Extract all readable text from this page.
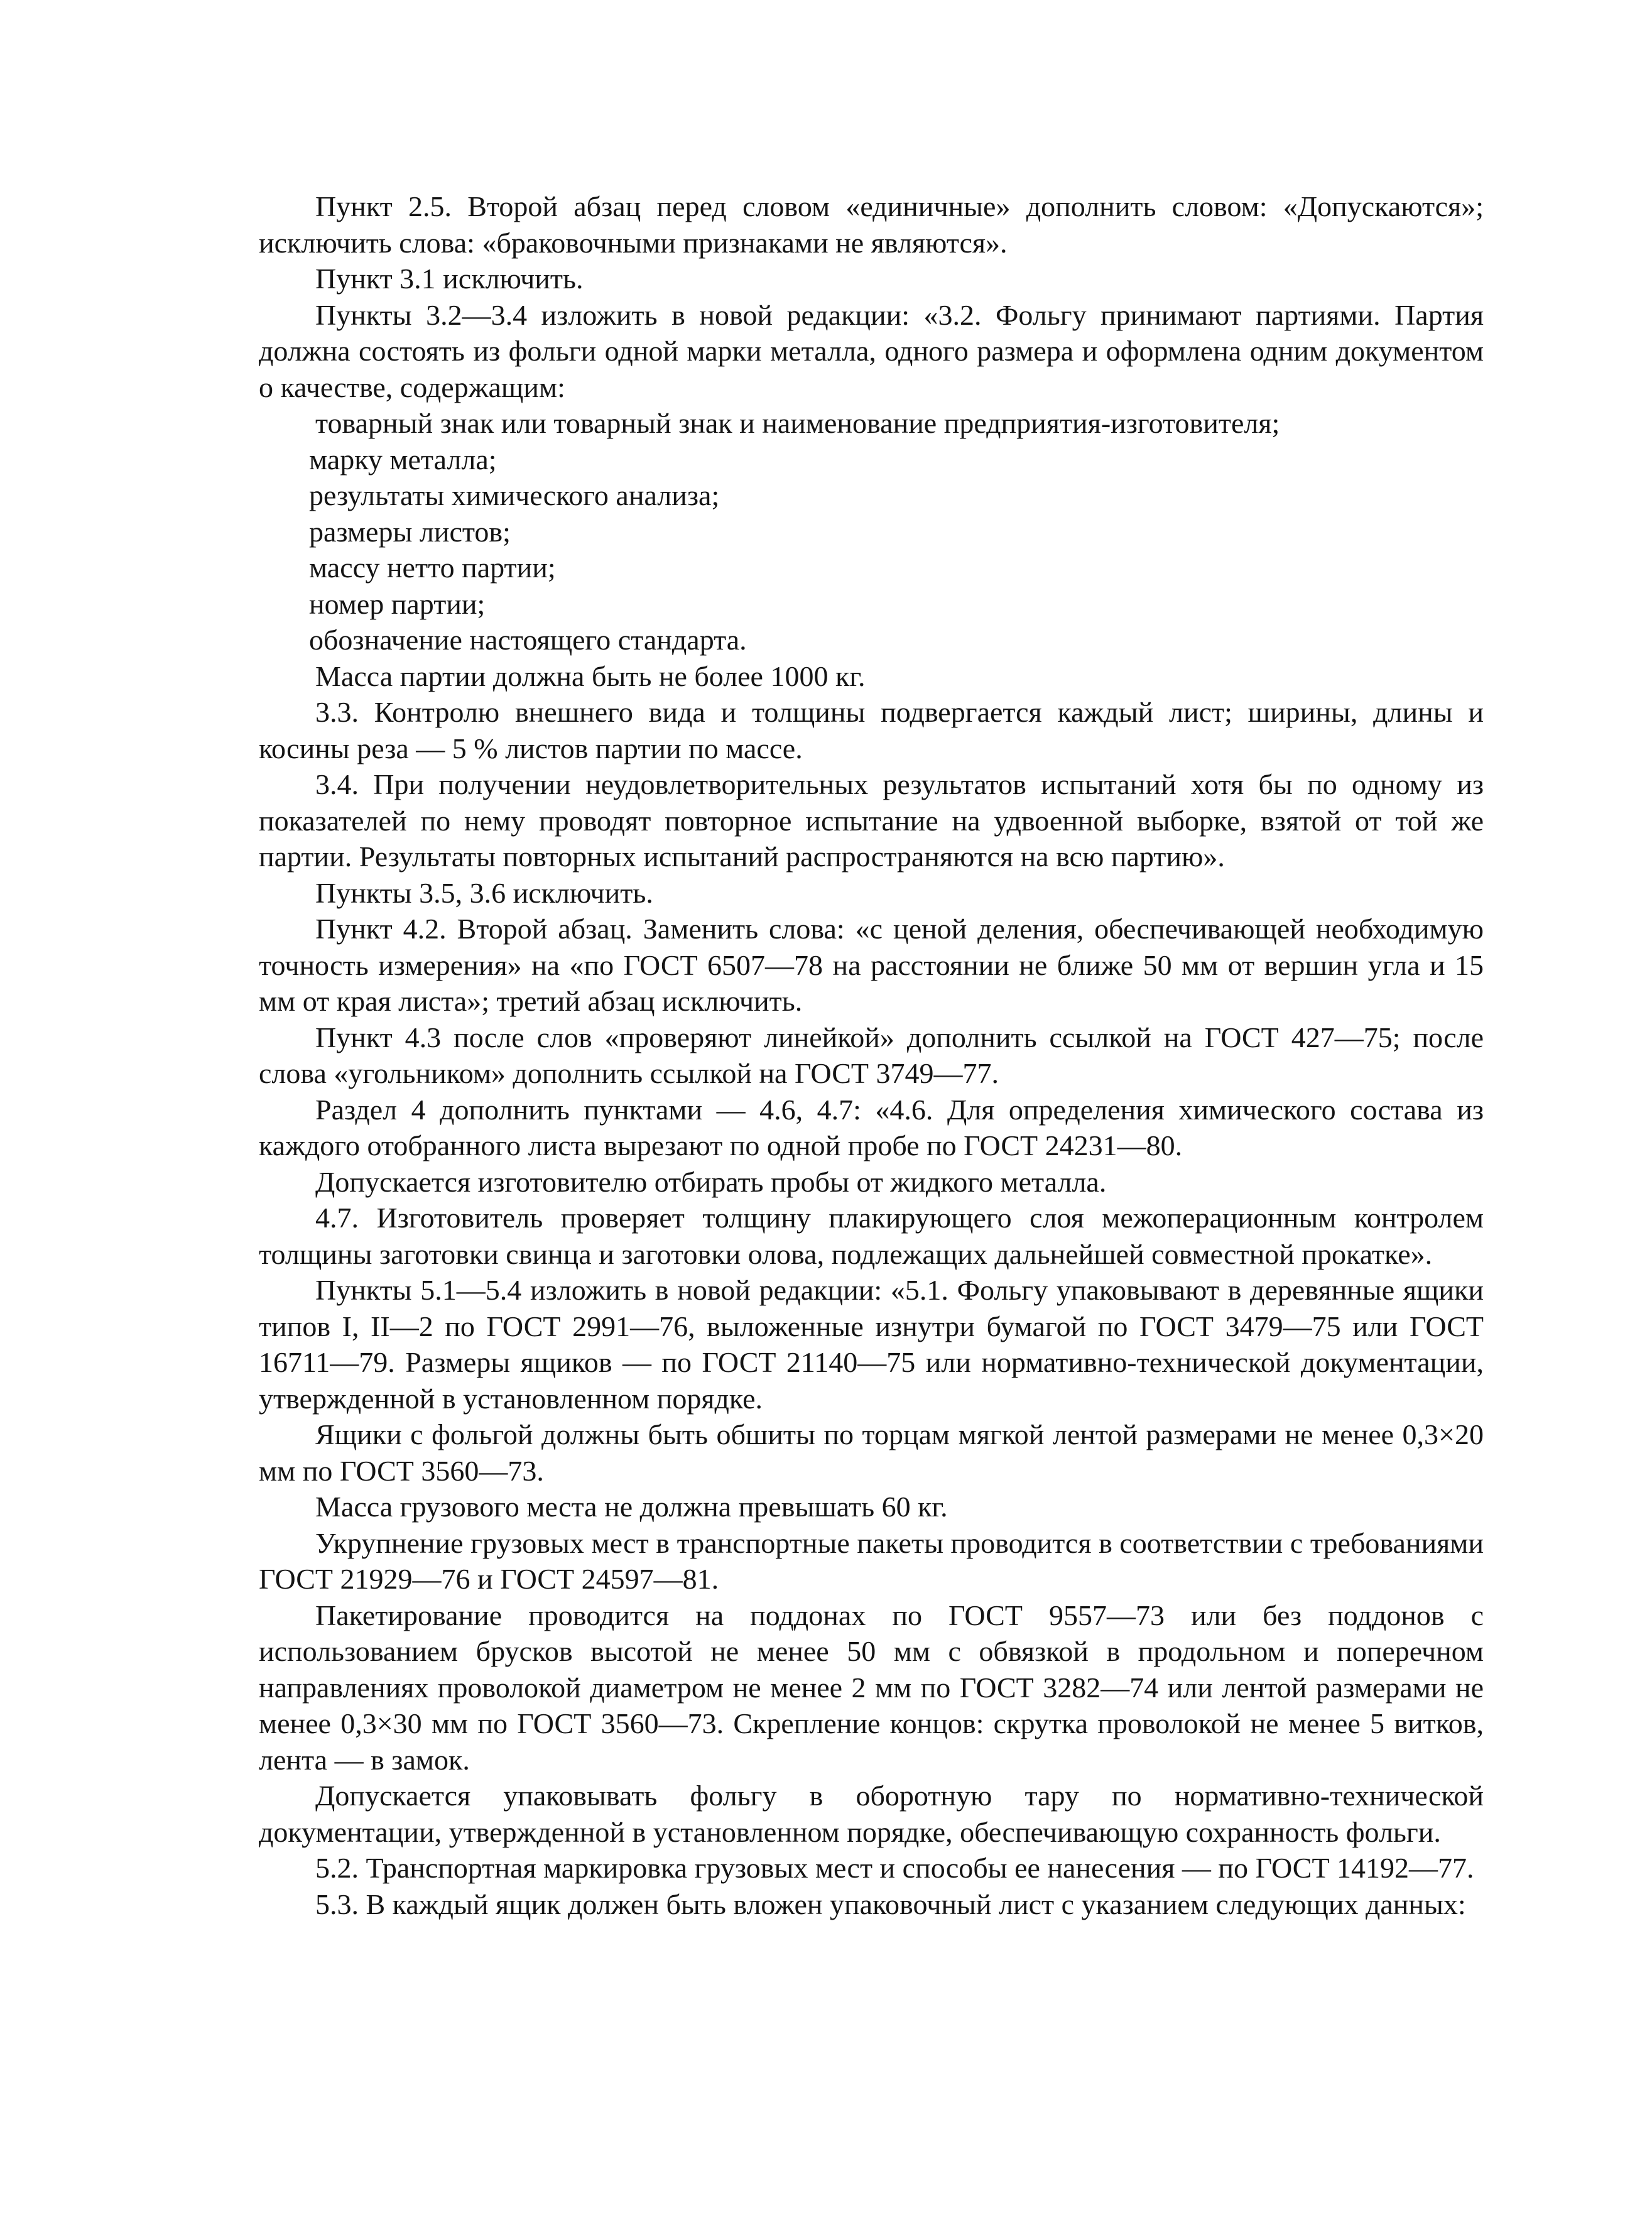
Пункт 2.5. Второй абзац перед словом «единичные» дополнить словом: «Допускаются»; исключить слова: «браковочными признаками не являются».

Пункт 3.1 исключить.

Пункты 3.2—3.4 изложить в новой редакции: «3.2. Фольгу принимают партиями. Партия должна состоять из фольги одной марки металла, одного размера и оформлена одним документом о качестве, содержащим:

товарный знак или товарный знак и наименование предприятия-изготовителя;

марку металла;

результаты химического анализа;

размеры листов;

массу нетто партии;

номер партии;

обозначение настоящего стандарта.

Масса партии должна быть не более 1000 кг.

3.3. Контролю внешнего вида и толщины подвергается каждый лист; ширины, длины и косины реза — 5 % листов партии по массе.

3.4. При получении неудовлетворительных результатов испытаний хотя бы по одному из показателей по нему проводят повторное испытание на удвоенной выборке, взятой от той же партии. Результаты повторных испытаний распространяются на всю партию».

Пункты 3.5, 3.6 исключить.

Пункт 4.2. Второй абзац. Заменить слова: «с ценой деления, обеспечивающей необходимую точность измерения» на «по ГОСТ 6507—78 на расстоянии не ближе 50 мм от вершин угла и 15 мм от края листа»; третий абзац исключить.

Пункт 4.3 после слов «проверяют линейкой» дополнить ссылкой на ГОСТ 427—75; после слова «угольником» дополнить ссылкой на ГОСТ 3749—77.

Раздел 4 дополнить пунктами — 4.6, 4.7: «4.6. Для определения химического состава из каждого отобранного листа вырезают по одной пробе по ГОСТ 24231—80.

Допускается изготовителю отбирать пробы от жидкого металла.

4.7. Изготовитель проверяет толщину плакирующего слоя межоперационным контролем толщины заготовки свинца и заготовки олова, подлежащих дальнейшей совместной прокатке».

Пункты 5.1—5.4 изложить в новой редакции: «5.1. Фольгу упаковывают в деревянные ящики типов I, II—2 по ГОСТ 2991—76, выложенные изнутри бумагой по ГОСТ 3479—75 или ГОСТ 16711—79. Размеры ящиков — по ГОСТ 21140—75 или нормативно-технической документации, утвержденной в установленном порядке.

Ящики с фольгой должны быть обшиты по торцам мягкой лентой размерами не менее 0,3×20 мм по ГОСТ 3560—73.

Масса грузового места не должна превышать 60 кг.

Укрупнение грузовых мест в транспортные пакеты проводится в соответствии с требованиями ГОСТ 21929—76 и ГОСТ 24597—81.

Пакетирование проводится на поддонах по ГОСТ 9557—73 или без поддонов с использованием брусков высотой не менее 50 мм с обвязкой в продольном и поперечном направлениях проволокой диаметром не менее 2 мм по ГОСТ 3282—74 или лентой размерами не менее 0,3×30 мм по ГОСТ 3560—73. Скрепление концов: скрутка проволокой не менее 5 витков, лента — в замок.

Допускается упаковывать фольгу в оборотную тару по нормативно-технической документации, утвержденной в установленном порядке, обеспечивающую сохранность фольги.

5.2. Транспортная маркировка грузовых мест и способы ее нанесения — по ГОСТ 14192—77.

5.3. В каждый ящик должен быть вложен упаковочный лист с указанием следующих данных:
